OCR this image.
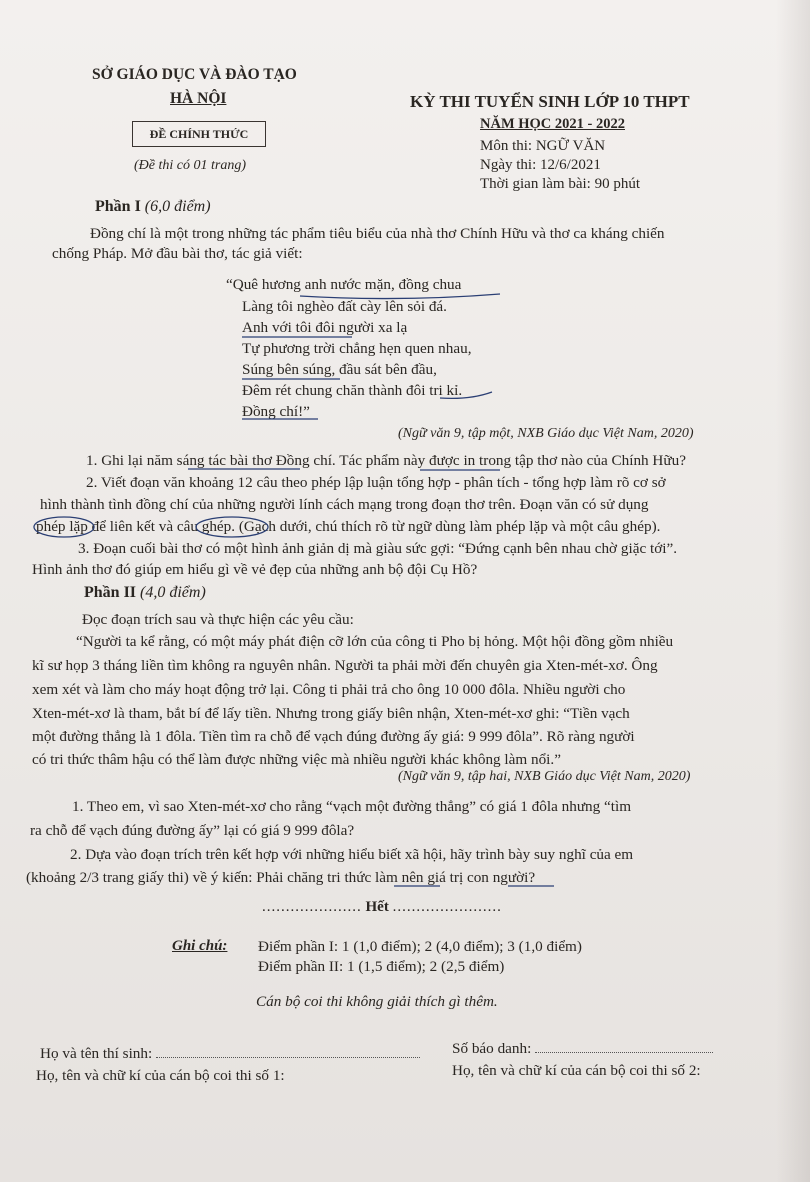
SỞ GIÁO DỤC VÀ ĐÀO TẠO
HÀ NỘI
ĐỀ CHÍNH THỨC
(Đề thi có 01 trang)
KỲ THI TUYỂN SINH LỚP 10 THPT
NĂM HỌC 2021 - 2022
Môn thi: NGỮ VĂN
Ngày thi: 12/6/2021
Thời gian làm bài: 90 phút
Phần I (6,0 điểm)
Đồng chí là một trong những tác phẩm tiêu biểu của nhà thơ Chính Hữu và thơ ca kháng chiến
chống Pháp. Mở đầu bài thơ, tác giả viết:
“Quê hương anh nước mặn, đồng chua
Làng tôi nghèo đất cày lên sỏi đá.
Anh với tôi đôi người xa lạ
Tự phương trời chẳng hẹn quen nhau,
Súng bên súng, đầu sát bên đầu,
Đêm rét chung chăn thành đôi tri kỉ.
Đồng chí!”
(Ngữ văn 9, tập một, NXB Giáo dục Việt Nam, 2020)
1. Ghi lại năm sáng tác bài thơ Đồng chí. Tác phẩm này được in trong tập thơ nào của Chính Hữu?
2. Viết đoạn văn khoảng 12 câu theo phép lập luận tổng hợp - phân tích - tổng hợp làm rõ cơ sở
hình thành tình đồng chí của những người lính cách mạng trong đoạn thơ trên. Đoạn văn có sử dụng
phép lặp để liên kết và câu ghép. (Gạch dưới, chú thích rõ từ ngữ dùng làm phép lặp và một câu ghép).
3. Đoạn cuối bài thơ có một hình ảnh giản dị mà giàu sức gợi: “Đứng cạnh bên nhau chờ giặc tới”.
Hình ảnh thơ đó giúp em hiểu gì về vẻ đẹp của những anh bộ đội Cụ Hồ?
Phần II (4,0 điểm)
Đọc đoạn trích sau và thực hiện các yêu cầu:
“Người ta kể rằng, có một máy phát điện cỡ lớn của công ti Pho bị hỏng. Một hội đồng gồm nhiều
kĩ sư họp 3 tháng liền tìm không ra nguyên nhân. Người ta phải mời đến chuyên gia Xten-mét-xơ. Ông
xem xét và làm cho máy hoạt động trở lại. Công ti phải trả cho ông 10 000 đôla. Nhiều người cho
Xten-mét-xơ là tham, bắt bí để lấy tiền. Nhưng trong giấy biên nhận, Xten-mét-xơ ghi: “Tiền vạch
một đường thẳng là 1 đôla. Tiền tìm ra chỗ để vạch đúng đường ấy giá: 9 999 đôla”. Rõ ràng người
có tri thức thâm hậu có thể làm được những việc mà nhiều người khác không làm nổi.”
(Ngữ văn 9, tập hai, NXB Giáo dục Việt Nam, 2020)
1. Theo em, vì sao Xten-mét-xơ cho rằng “vạch một đường thẳng” có giá 1 đôla nhưng “tìm
ra chỗ để vạch đúng đường ấy” lại có giá 9 999 đôla?
2. Dựa vào đoạn trích trên kết hợp với những hiểu biết xã hội, hãy trình bày suy nghĩ của em
(khoảng 2/3 trang giấy thi) về ý kiến: Phải chăng tri thức làm nên giá trị con người?
..................... Hết .......................
Ghi chú: Điểm phần I: 1 (1,0 điểm); 2 (4,0 điểm); 3 (1,0 điểm)
Điểm phần II: 1 (1,5 điểm); 2 (2,5 điểm)
Cán bộ coi thi không giải thích gì thêm.
Họ và tên thí sinh:	Số báo danh:
Họ, tên và chữ kí của cán bộ coi thi số 1:	Họ, tên và chữ kí của cán bộ coi thi số 2:
